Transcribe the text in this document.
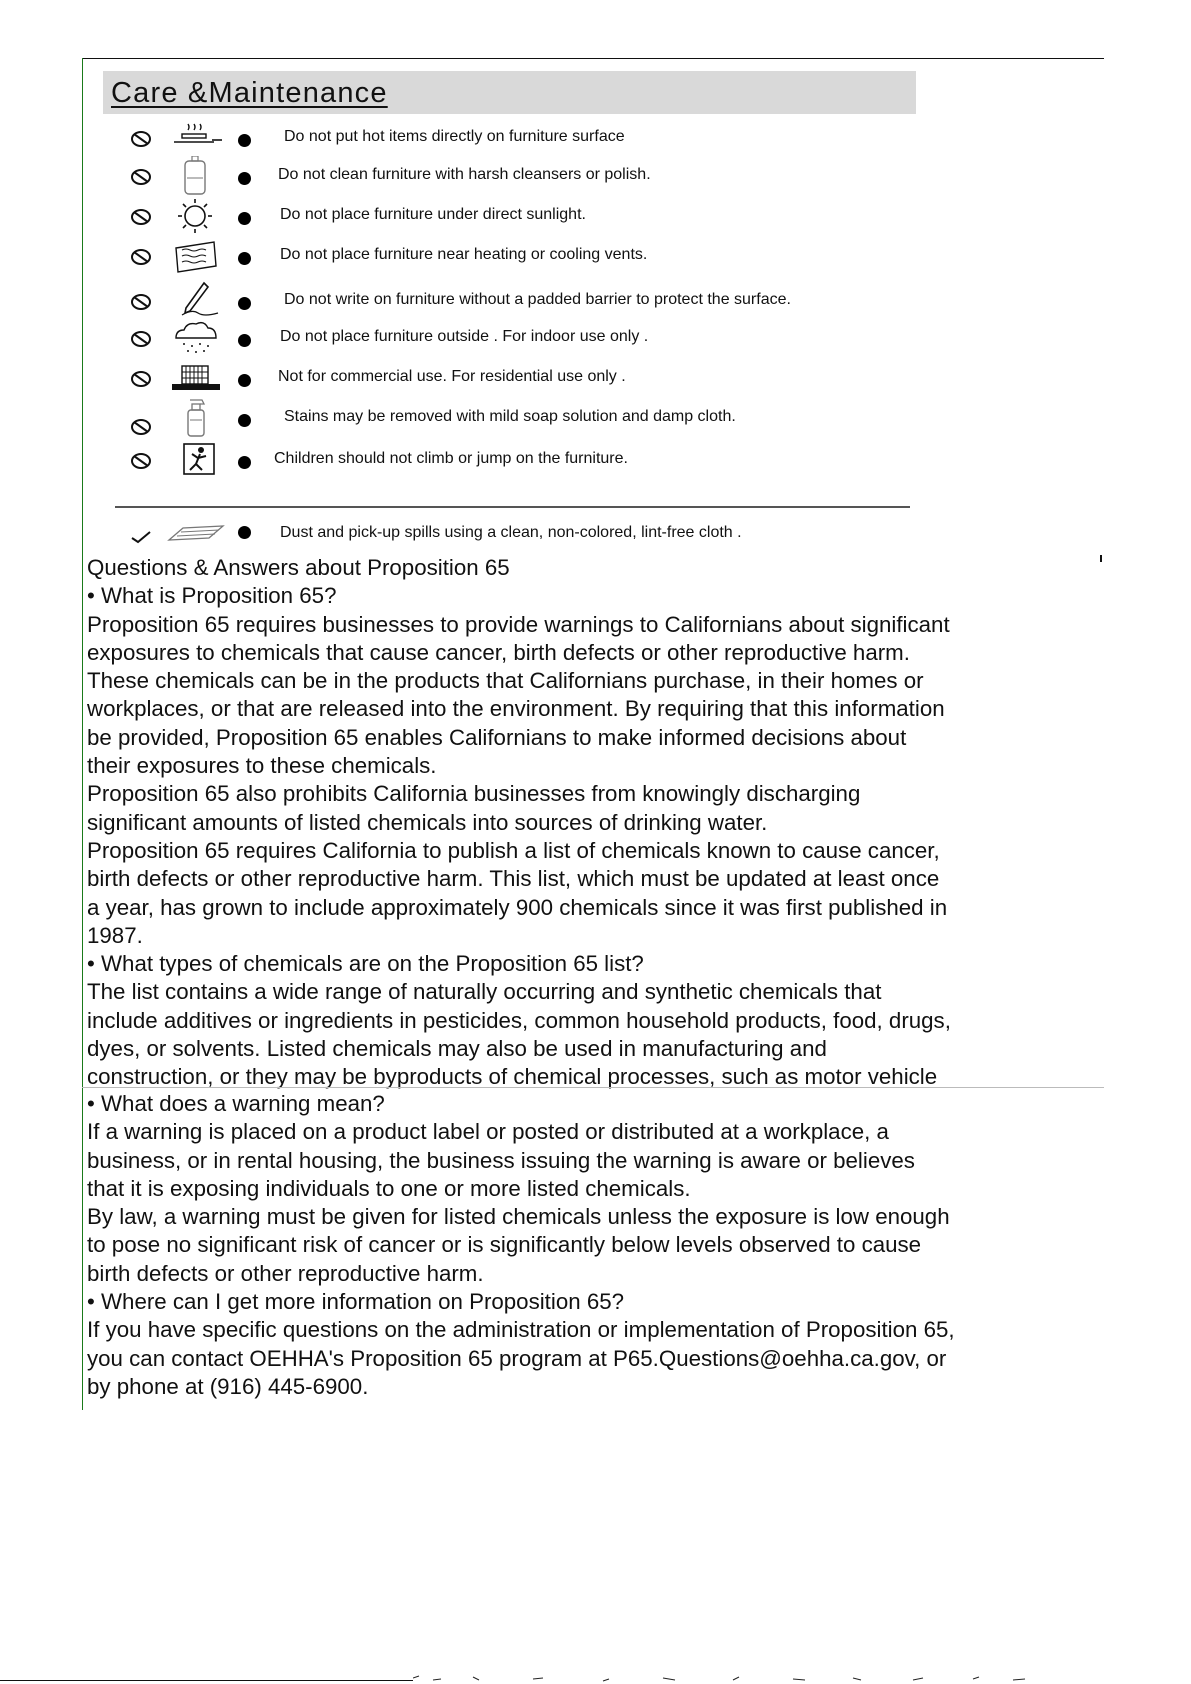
Care &Maintenance
Do not put hot items directly on furniture surface
Do not clean furniture with harsh cleansers or polish.
Do not place furniture under direct sunlight.
Do not place furniture near heating or cooling vents.
Do not write on furniture without a padded barrier to protect the surface.
Do not place furniture outside . For indoor use only .
Not for commercial use. For residential use only .
Stains may be removed with mild soap solution and damp cloth.
Children should not climb or jump on the furniture.
Dust and pick-up spills using a clean, non-colored, lint-free cloth .

Questions & Answers about Proposition 65

• What is Proposition 65?

Proposition 65 requires businesses to provide warnings to Californians about significant

exposures to chemicals that cause cancer, birth defects or other reproductive harm.

These chemicals can be in the products that Californians purchase, in their homes or

workplaces, or that are released into the environment. By requiring that this information

be provided, Proposition 65 enables Californians to make informed decisions about

their exposures to these chemicals.

Proposition 65 also prohibits California businesses from knowingly discharging

significant amounts of listed chemicals into sources of drinking water.

Proposition 65 requires California to publish a list of chemicals known to cause cancer,

birth defects or other reproductive harm. This list, which must be updated at least once

a year, has grown to include approximately 900 chemicals since it was first published in

1987.

• What types of chemicals are on the Proposition 65 list?

The list contains a wide range of naturally occurring and synthetic chemicals that

include additives or ingredients in pesticides, common household products, food, drugs,

dyes, or solvents. Listed chemicals may also be used in manufacturing and

construction, or they may be byproducts of chemical processes, such as motor vehicle

• What does a warning mean?

If a warning is placed on a product label or posted or distributed at a workplace, a

business, or in rental housing, the business issuing the warning is aware or believes

that it is exposing individuals to one or more listed chemicals.

By law, a warning must be given for listed chemicals unless the exposure is low enough

to pose no significant risk of cancer or is significantly below levels observed to cause

birth defects or other reproductive harm.

• Where can I get more information on Proposition 65?

If you have specific questions on the administration or implementation of Proposition 65,

you can contact OEHHA's Proposition 65 program at P65.Questions@oehha.ca.gov, or

by phone at (916) 445-6900.
